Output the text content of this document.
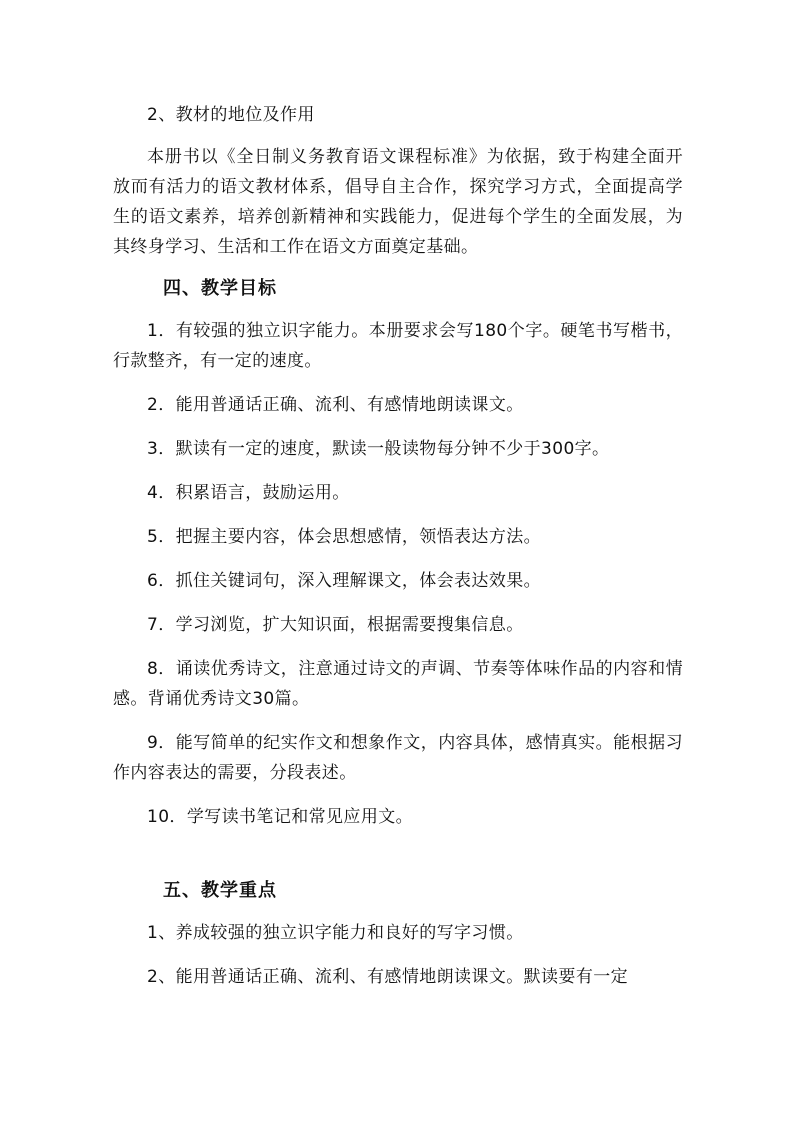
2、教材的地位及作用
本册书以《全日制义务教育语文课程标准》为依据，致于构建全面开放而有活力的语文教材体系，倡导自主合作，探究学习方式，全面提高学生的语文素养，培养创新精神和实践能力，促进每个学生的全面发展，为其终身学习、生活和工作在语文方面奠定基础。
四、教学目标
1．有较强的独立识字能力。本册要求会写180个字。硬笔书写楷书，行款整齐，有一定的速度。
2．能用普通话正确、流利、有感情地朗读课文。
3．默读有一定的速度，默读一般读物每分钟不少于300字。
4．积累语言，鼓励运用。
5．把握主要内容，体会思想感情，领悟表达方法。
6．抓住关键词句，深入理解课文，体会表达效果。
7．学习浏览，扩大知识面，根据需要搜集信息。
8．诵读优秀诗文，注意通过诗文的声调、节奏等体味作品的内容和情感。背诵优秀诗文30篇。
9．能写简单的纪实作文和想象作文，内容具体，感情真实。能根据习作内容表达的需要，分段表述。
10．学写读书笔记和常见应用文。
五、教学重点
1、养成较强的独立识字能力和良好的写字习惯。
2、能用普通话正确、流利、有感情地朗读课文。默读要有一定
